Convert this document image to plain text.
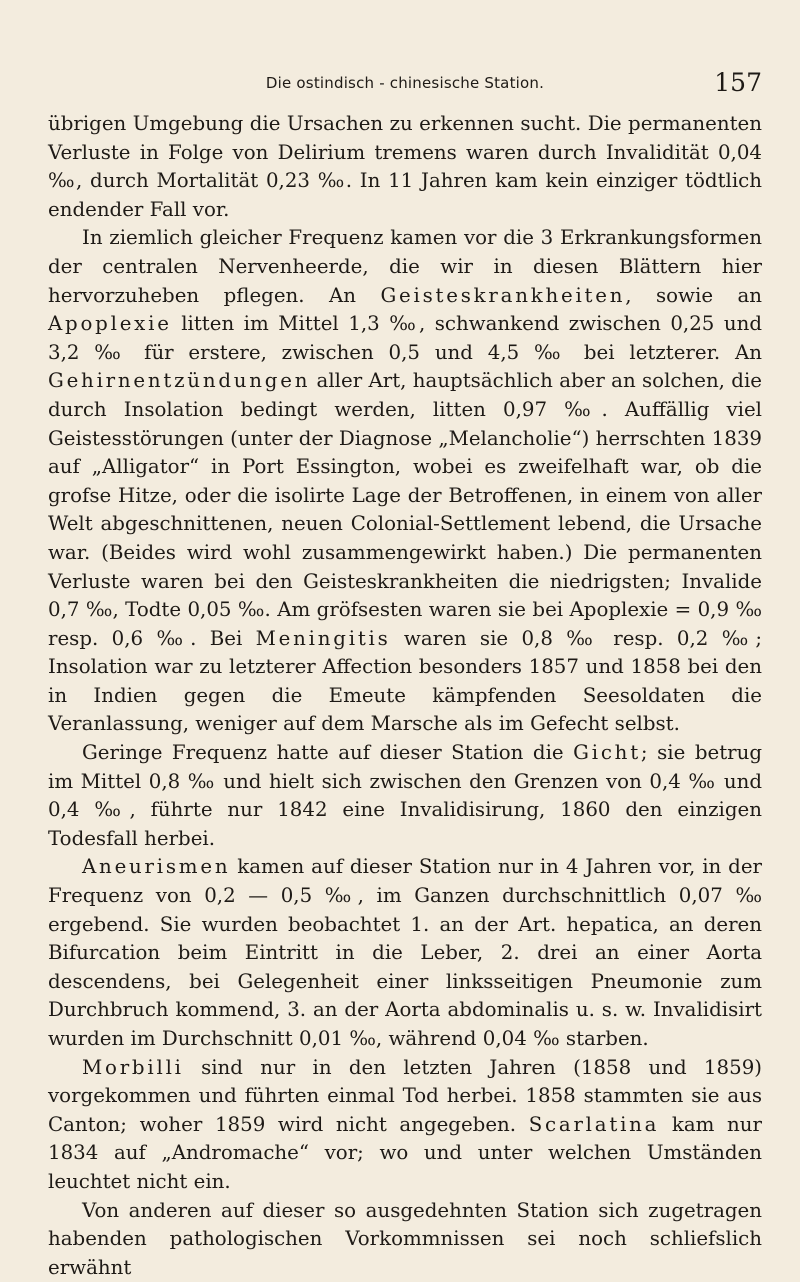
Die ostindisch - chinesische Station.	157

übrigen Umgebung die Ursachen zu erkennen sucht. Die permanenten Verluste in Folge von Delirium tremens waren durch Invalidität 0,04 ‰, durch Mortalität 0,23 ‰. In 11 Jahren kam kein einziger tödtlich endender Fall vor.

In ziemlich gleicher Frequenz kamen vor die 3 Erkrankungsformen der centralen Nervenheerde, die wir in diesen Blättern hier hervorzuheben pflegen. An Geisteskrankheiten, sowie an Apoplexie litten im Mittel 1,3 ‰, schwankend zwischen 0,25 und 3,2 ‰ für erstere, zwischen 0,5 und 4,5 ‰ bei letzterer. An Gehirnentzündungen aller Art, hauptsächlich aber an solchen, die durch Insolation bedingt werden, litten 0,97 ‰. Auffällig viel Geistesstörungen (unter der Diagnose „Melancholie“) herrschten 1839 auf „Alligator“ in Port Essington, wobei es zweifelhaft war, ob die grofse Hitze, oder die isolirte Lage der Betroffenen, in einem von aller Welt abgeschnittenen, neuen Colonial-Settlement lebend, die Ursache war. (Beides wird wohl zusammengewirkt haben.) Die permanenten Verluste waren bei den Geisteskrankheiten die niedrigsten; Invalide 0,7 ‰, Todte 0,05 ‰. Am gröfsesten waren sie bei Apoplexie = 0,9 ‰ resp. 0,6 ‰. Bei Meningitis waren sie 0,8 ‰ resp. 0,2 ‰; Insolation war zu letzterer Affection besonders 1857 und 1858 bei den in Indien gegen die Emeute kämpfenden Seesoldaten die Veranlassung, weniger auf dem Marsche als im Gefecht selbst.

Geringe Frequenz hatte auf dieser Station die Gicht; sie betrug im Mittel 0,8 ‰ und hielt sich zwischen den Grenzen von 0,4 ‰ und 0,4 ‰, führte nur 1842 eine Invalidisirung, 1860 den einzigen Todesfall herbei.

Aneurismen kamen auf dieser Station nur in 4 Jahren vor, in der Frequenz von 0,2 — 0,5 ‰, im Ganzen durchschnittlich 0,07 ‰ ergebend. Sie wurden beobachtet 1. an der Art. hepatica, an deren Bifurcation beim Eintritt in die Leber, 2. drei an einer Aorta descendens, bei Gelegenheit einer linksseitigen Pneumonie zum Durchbruch kommend, 3. an der Aorta abdominalis u. s. w. Invalidisirt wurden im Durchschnitt 0,01 ‰, während 0,04 ‰ starben.

Morbilli sind nur in den letzten Jahren (1858 und 1859) vorgekommen und führten einmal Tod herbei. 1858 stammten sie aus Canton; woher 1859 wird nicht angegeben. Scarlatina kam nur 1834 auf „Andromache“ vor; wo und unter welchen Umständen leuchtet nicht ein.

Von anderen auf dieser so ausgedehnten Station sich zugetragen habenden pathologischen Vorkommnissen sei noch schliefslich erwähnt
